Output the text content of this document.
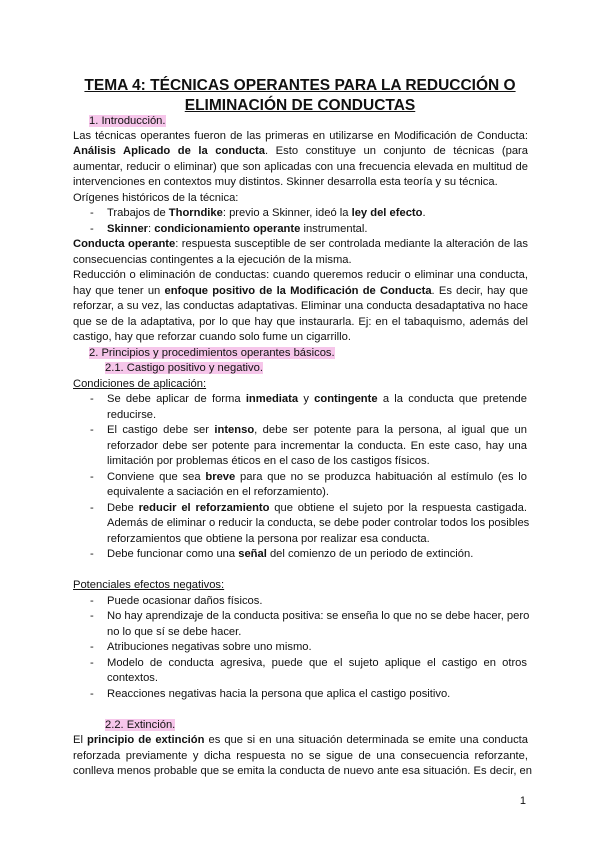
TEMA 4: TÉCNICAS OPERANTES PARA LA REDUCCIÓN O
ELIMINACIÓN DE CONDUCTAS
1. Introducción.
Las técnicas operantes fueron de las primeras en utilizarse en Modificación de Conducta:
Análisis Aplicado de la conducta. Esto constituye un conjunto de técnicas (para
aumentar, reducir o eliminar) que son aplicadas con una frecuencia elevada en multitud de
intervenciones en contextos muy distintos. Skinner desarrolla esta teoría y su técnica.
Orígenes históricos de la técnica:
- Trabajos de Thorndike: previo a Skinner, ideó la ley del efecto.
- Skinner: condicionamiento operante instrumental.
Conducta operante: respuesta susceptible de ser controlada mediante la alteración de las
consecuencias contingentes a la ejecución de la misma.
Reducción o eliminación de conductas: cuando queremos reducir o eliminar una conducta,
hay que tener un enfoque positivo de la Modificación de Conducta. Es decir, hay que
reforzar, a su vez, las conductas adaptativas. Eliminar una conducta desadaptativa no hace
que se de la adaptativa, por lo que hay que instaurarla. Ej: en el tabaquismo, además del
castigo, hay que reforzar cuando solo fume un cigarrillo.
2. Principios y procedimientos operantes básicos.
2.1. Castigo positivo y negativo.
Condiciones de aplicación:
- Se debe aplicar de forma inmediata y contingente a la conducta que pretende
reducirse.
- El castigo debe ser intenso, debe ser potente para la persona, al igual que un
reforzador debe ser potente para incrementar la conducta. En este caso, hay una
limitación por problemas éticos en el caso de los castigos físicos.
- Conviene que sea breve para que no se produzca habituación al estímulo (es lo
equivalente a saciación en el reforzamiento).
- Debe reducir el reforzamiento que obtiene el sujeto por la respuesta castigada.
Además de eliminar o reducir la conducta, se debe poder controlar todos los posibles
reforzamientos que obtiene la persona por realizar esa conducta.
- Debe funcionar como una señal del comienzo de un periodo de extinción.
Potenciales efectos negativos:
- Puede ocasionar daños físicos.
- No hay aprendizaje de la conducta positiva: se enseña lo que no se debe hacer, pero
no lo que sí se debe hacer.
- Atribuciones negativas sobre uno mismo.
- Modelo de conducta agresiva, puede que el sujeto aplique el castigo en otros
contextos.
- Reacciones negativas hacia la persona que aplica el castigo positivo.
2.2. Extinción.
El principio de extinción es que si en una situación determinada se emite una conducta
reforzada previamente y dicha respuesta no se sigue de una consecuencia reforzante,
conlleva menos probable que se emita la conducta de nuevo ante esa situación. Es decir, en
1
